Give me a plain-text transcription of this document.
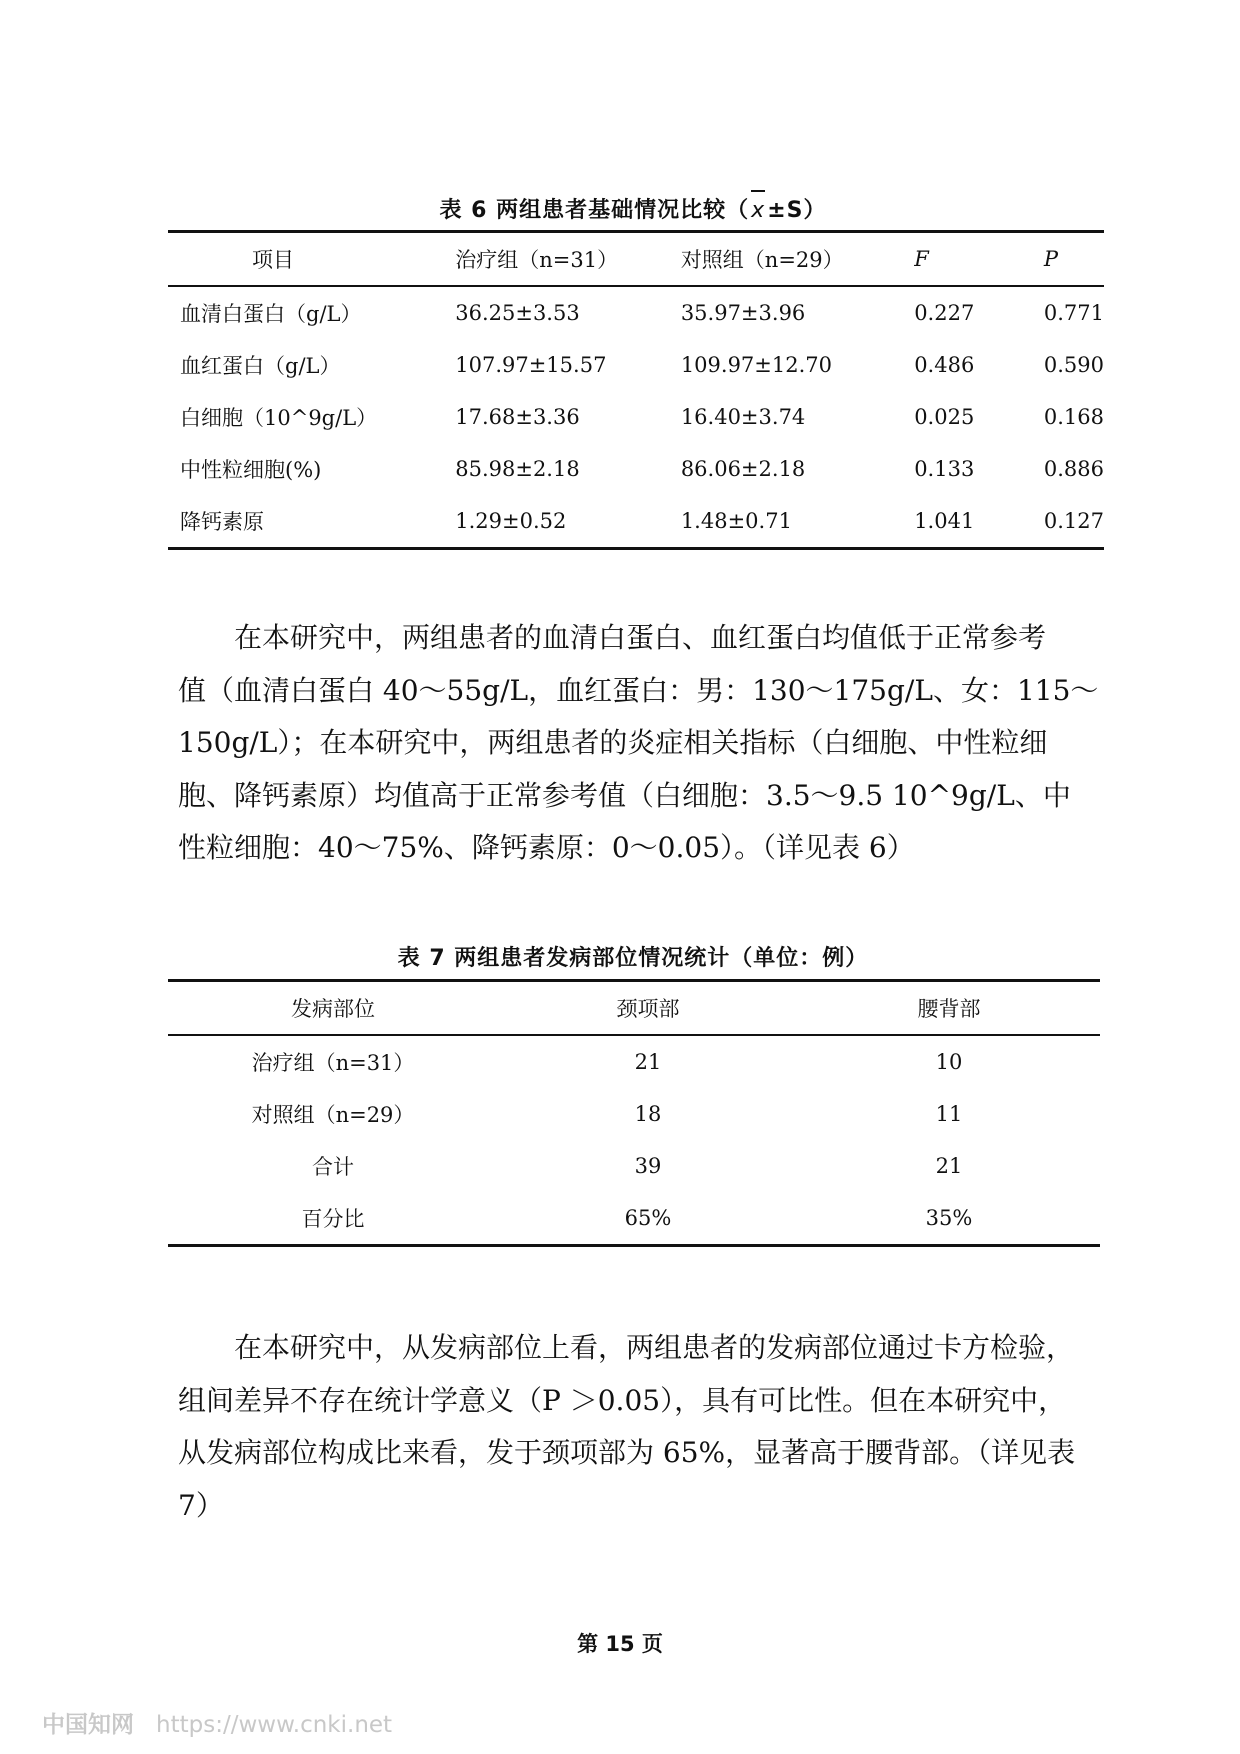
表 6 两组患者基础情况比较（x±S）
项目	治疗组（n=31）	对照组（n=29）	F	P
血清白蛋白（g/L）	36.25±3.53	35.97±3.96	0.227	0.771
血红蛋白（g/L）	107.97±15.57	109.97±12.70	0.486	0.590
白细胞（10^9g/L）	17.68±3.36	16.40±3.74	0.025	0.168
中性粒细胞(%)	85.98±2.18	86.06±2.18	0.133	0.886
降钙素原	1.29±0.52	1.48±0.71	1.041	0.127
　　在本研究中，两组患者的血清白蛋白、血红蛋白均值低于正常参考
值（血清白蛋白 40～55g/L，血红蛋白：男：130～175g/L、女：115～
150g/L）；在本研究中，两组患者的炎症相关指标（白细胞、中性粒细
胞、降钙素原）均值高于正常参考值（白细胞：3.5～9.5 10^9g/L、中
性粒细胞：40～75%、降钙素原：0～0.05）。（详见表 6）
表 7 两组患者发病部位情况统计（单位：例）
发病部位	颈项部	腰背部
治疗组（n=31）	21	10
对照组（n=29）	18	11
合计	39	21
百分比	65%	35%
　　在本研究中，从发病部位上看，两组患者的发病部位通过卡方检验，
组间差异不存在统计学意义（P ＞0.05），具有可比性。但在本研究中，
从发病部位构成比来看，发于颈项部为 65%，显著高于腰背部。（详见表
7）
第 15 页
中国知网 https://www.cnki.net
